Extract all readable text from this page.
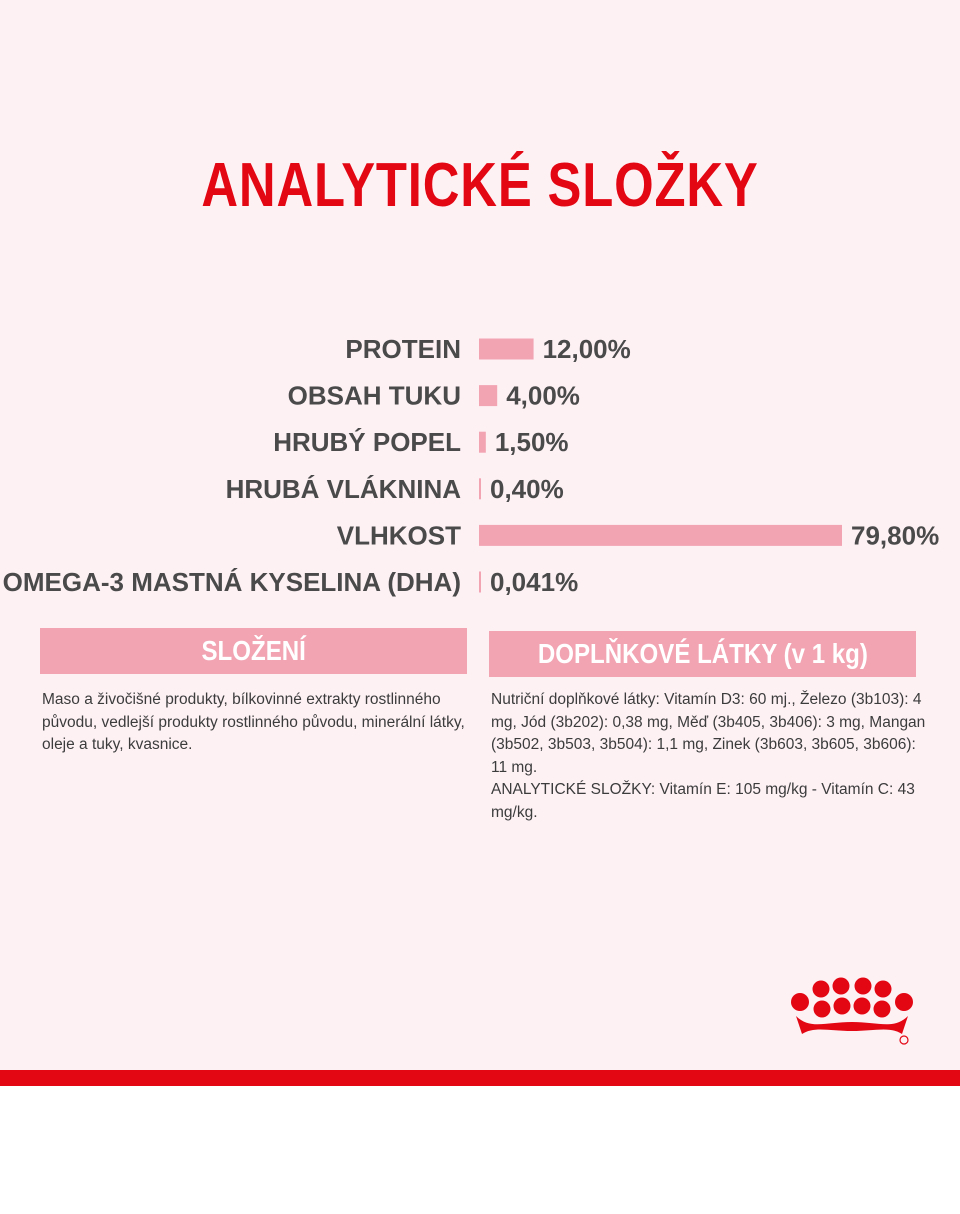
ANALYTICKÉ SLOŽKY
PROTEIN	12,00%
OBSAH TUKU 4,00%
HRUBÝ POPEL 1,50%
HRUBÁ VLÁKNINA 0,40%
VLHKOST	79,80%
OMEGA-3 MASTNÁ KYSELINA (DHA) 0,041%
SLOŽENÍ

Maso a živočišné produkty, bílkovinné extrakty rostlinného původu, vedlejší produkty rostlinného původu, minerální látky, oleje a tuky, kvasnice.

DOPLŇKOVÉ LÁTKY (v 1 kg)
Nutriční doplňkové látky: Vitamín D3: 60 mj., Železo (3b103): 4 mg, Jód (3b202): 0,38 mg, Měď (3b405, 3b406): 3 mg, Mangan (3b502, 3b503, 3b504): 1,1 mg, Zinek (3b603, 3b605, 3b606): 11 mg.
ANALYTICKÉ SLOŽKY: Vitamín E: 105 mg/kg - Vitamín C: 43 mg/kg.
